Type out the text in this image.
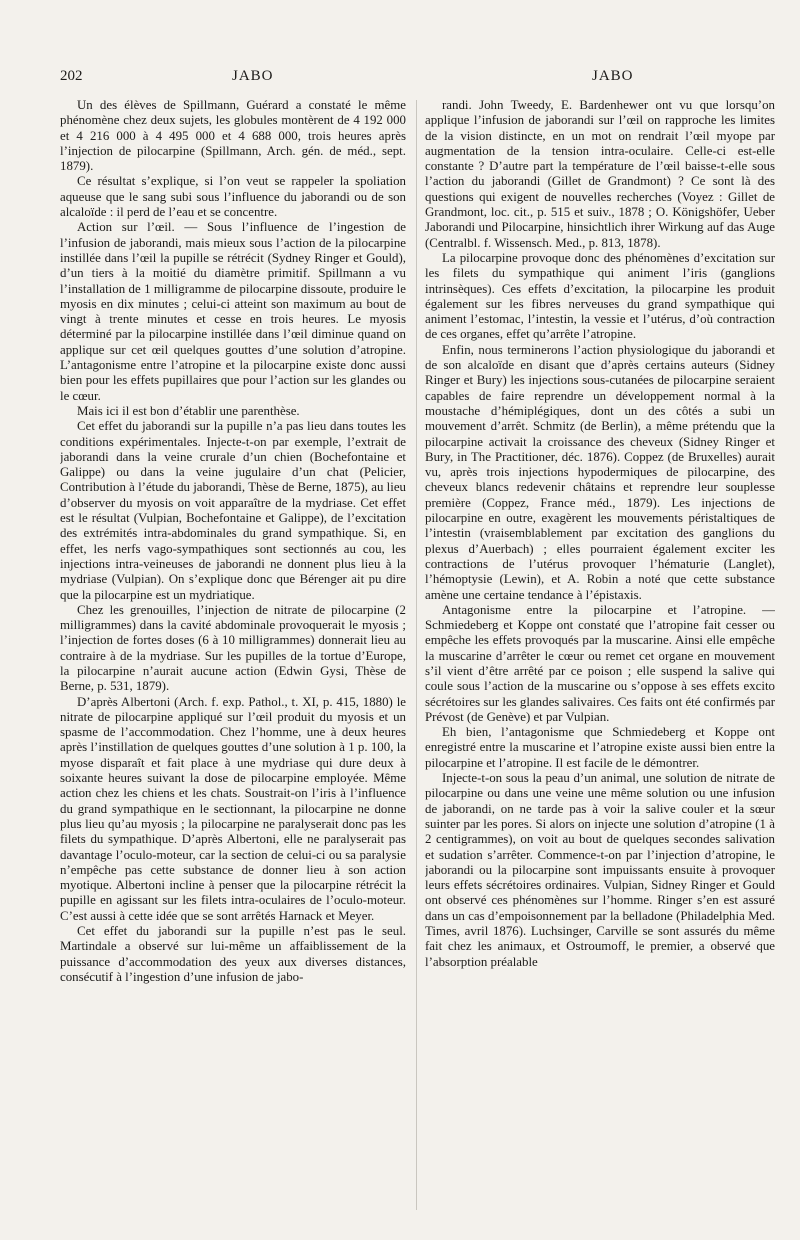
202	JABO	JABO

Un des élèves de Spillmann, Guérard a constaté le même phénomène chez deux sujets, les globules montèrent de 4 192 000 et 4 216 000 à 4 495 000 et 4 688 000, trois heures après l’injection de pilocarpine (Spillmann, Arch. gén. de méd., sept. 1879).

Ce résultat s’explique, si l’on veut se rappeler la spoliation aqueuse que le sang subi sous l’influence du jaborandi ou de son alcaloïde : il perd de l’eau et se concentre.

Action sur l’œil. — Sous l’influence de l’ingestion de l’infusion de jaborandi, mais mieux sous l’action de la pilocarpine instillée dans l’œil la pupille se rétrécit (Sydney Ringer et Gould), d’un tiers à la moitié du diamètre primitif. Spillmann a vu l’installation de 1 milligramme de pilocarpine dissoute, produire le myosis en dix minutes ; celui-ci atteint son maximum au bout de vingt à trente minutes et cesse en trois heures. Le myosis déterminé par la pilocarpine instillée dans l’œil diminue quand on applique sur cet œil quelques gouttes d’une solution d’atropine. L’antagonisme entre l’atropine et la pilocarpine existe donc aussi bien pour les effets pupillaires que pour l’action sur les glandes ou le cœur.

Mais ici il est bon d’établir une parenthèse.

Cet effet du jaborandi sur la pupille n’a pas lieu dans toutes les conditions expérimentales. Injecte-t-on par exemple, l’extrait de jaborandi dans la veine crurale d’un chien (Bochefontaine et Galippe) ou dans la veine jugulaire d’un chat (Pelicier, Contribution à l’étude du jaborandi, Thèse de Berne, 1875), au lieu d’observer du myosis on voit apparaître de la mydriase. Cet effet est le résultat (Vulpian, Bochefontaine et Galippe), de l’excitation des extrémités intra-abdominales du grand sympathique. Si, en effet, les nerfs vago-sympathiques sont sectionnés au cou, les injections intra-veineuses de jaborandi ne donnent plus lieu à la mydriase (Vulpian). On s’explique donc que Bérenger ait pu dire que la pilocarpine est un mydriatique.

Chez les grenouilles, l’injection de nitrate de pilocarpine (2 milligrammes) dans la cavité abdominale provoquerait le myosis ; l’injection de fortes doses (6 à 10 milligrammes) donnerait lieu au contraire à de la mydriase. Sur les pupilles de la tortue d’Europe, la pilocarpine n’aurait aucune action (Edwin Gysi, Thèse de Berne, p. 531, 1879).

D’après Albertoni (Arch. f. exp. Pathol., t. XI, p. 415, 1880) le nitrate de pilocarpine appliqué sur l’œil produit du myosis et un spasme de l’accommodation. Chez l’homme, une à deux heures après l’instillation de quelques gouttes d’une solution à 1 p. 100, la myose disparaît et fait place à une mydriase qui dure deux à soixante heures suivant la dose de pilocarpine employée. Même action chez les chiens et les chats. Soustrait-on l’iris à l’influence du grand sympathique en le sectionnant, la pilocarpine ne donne plus lieu qu’au myosis ; la pilocarpine ne paralyserait donc pas les filets du sympathique. D’après Albertoni, elle ne paralyserait pas davantage l’oculo-moteur, car la section de celui-ci ou sa paralysie n’empêche pas cette substance de donner lieu à son action myotique. Albertoni incline à penser que la pilocarpine rétrécit la pupille en agissant sur les filets intra-oculaires de l’oculo-moteur. C’est aussi à cette idée que se sont arrêtés Harnack et Meyer.

Cet effet du jaborandi sur la pupille n’est pas le seul. Martindale a observé sur lui-même un affaiblissement de la puissance d’accommodation des yeux aux diverses distances, consécutif à l’ingestion d’une infusion de jabo-

randi. John Tweedy, E. Bardenhewer ont vu que lorsqu’on applique l’infusion de jaborandi sur l’œil on rapproche les limites de la vision distincte, en un mot on rendrait l’œil myope par augmentation de la tension intra-oculaire. Celle-ci est-elle constante ? D’autre part la température de l’œil baisse-t-elle sous l’action du jaborandi (Gillet de Grandmont) ? Ce sont là des questions qui exigent de nouvelles recherches (Voyez : Gillet de Grandmont, loc. cit., p. 515 et suiv., 1878 ; O. Königshöfer, Ueber Jaborandi und Pilocarpine, hinsichtlich ihrer Wirkung auf das Auge (Centralbl. f. Wissensch. Med., p. 813, 1878).

La pilocarpine provoque donc des phénomènes d’excitation sur les filets du sympathique qui animent l’iris (ganglions intrinsèques). Ces effets d’excitation, la pilocarpine les produit également sur les fibres nerveuses du grand sympathique qui animent l’estomac, l’intestin, la vessie et l’utérus, d’où contraction de ces organes, effet qu’arrête l’atropine.

Enfin, nous terminerons l’action physiologique du jaborandi et de son alcaloïde en disant que d’après certains auteurs (Sidney Ringer et Bury) les injections sous-cutanées de pilocarpine seraient capables de faire reprendre un développement normal à la moustache d’hémiplégiques, dont un des côtés a subi un mouvement d’arrêt. Schmitz (de Berlin), a même prétendu que la pilocarpine activait la croissance des cheveux (Sidney Ringer et Bury, in The Practitioner, déc. 1876). Coppez (de Bruxelles) aurait vu, après trois injections hypodermiques de pilocarpine, des cheveux blancs redevenir châtains et reprendre leur souplesse première (Coppez, France méd., 1879). Les injections de pilocarpine en outre, exagèrent les mouvements péristaltiques de l’intestin (vraisemblablement par excitation des ganglions du plexus d’Auerbach) ; elles pourraient également exciter les contractions de l’utérus provoquer l’hématurie (Langlet), l’hémoptysie (Lewin), et A. Robin a noté que cette substance amène une certaine tendance à l’épistaxis.

Antagonisme entre la pilocarpine et l’atropine. — Schmiedeberg et Koppe ont constaté que l’atropine fait cesser ou empêche les effets provoqués par la muscarine. Ainsi elle empêche la muscarine d’arrêter le cœur ou remet cet organe en mouvement s’il vient d’être arrêté par ce poison ; elle suspend la salive qui coule sous l’action de la muscarine ou s’oppose à ses effets excito sécrétoires sur les glandes salivaires. Ces faits ont été confirmés par Prévost (de Genève) et par Vulpian.

Eh bien, l’antagonisme que Schmiedeberg et Koppe ont enregistré entre la muscarine et l’atropine existe aussi bien entre la pilocarpine et l’atropine. Il est facile de le démontrer.

Injecte-t-on sous la peau d’un animal, une solution de nitrate de pilocarpine ou dans une veine une même solution ou une infusion de jaborandi, on ne tarde pas à voir la salive couler et la sœur suinter par les pores. Si alors on injecte une solution d’atropine (1 à 2 centigrammes), on voit au bout de quelques secondes salivation et sudation s’arrêter. Commence-t-on par l’injection d’atropine, le jaborandi ou la pilocarpine sont impuissants ensuite à provoquer leurs effets sécrétoires ordinaires. Vulpian, Sidney Ringer et Gould ont observé ces phénomènes sur l’homme. Ringer s’en est assuré dans un cas d’empoisonnement par la belladone (Philadelphia Med. Times, avril 1876). Luchsinger, Carville se sont assurés du même fait chez les animaux, et Ostroumoff, le premier, a observé que l’absorption préalable
